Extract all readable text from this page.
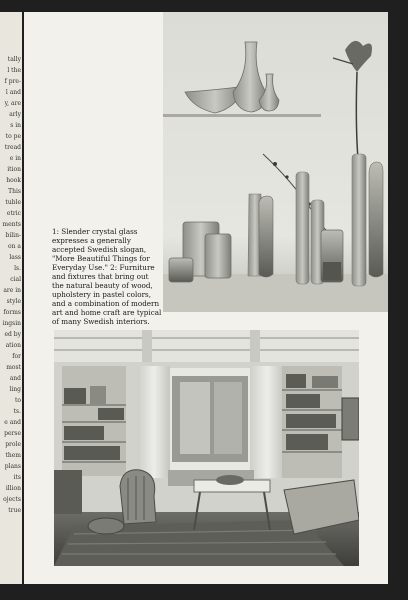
tally
l the
f pre-
l and
y, are
arly
s in
to pe
tread
e in
ition
hook
This
tuble
etric
ments
bilin-
on a
lass
ls.
cial
are in
style
forms
ingsin
ed by
ation
for
most
and
ling
to
ts.
e and
perse
prole
them
plans
its
illion
ojects
true
1: Slender crystal glass expresses a generally accepted Swedish slogan, "More Beautiful Things for Everyday Use." 2: Furniture and fixtures that bring out the natural beauty of wood, upholstery in pastel colors, and a combination of modern art and home craft are typical of many Swedish interiors.
